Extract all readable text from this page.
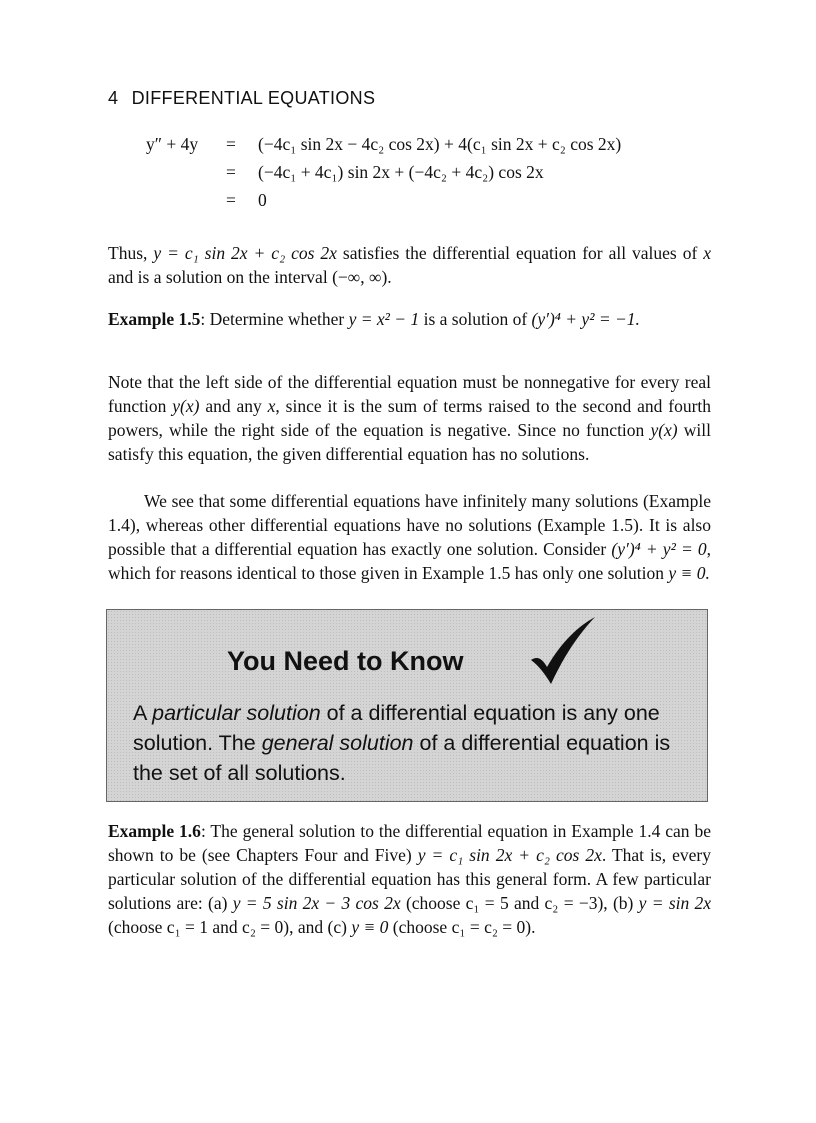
4 DIFFERENTIAL EQUATIONS
y″ + 4y = (−4c₁ sin 2x − 4c₂ cos 2x) + 4(c₁ sin 2x + c₂ cos 2x)
= (−4c₁ + 4c₁) sin 2x + (−4c₂ + 4c₂) cos 2x
= 0

Thus, y = c₁ sin 2x + c₂ cos 2x satisfies the differential equation for all values of x and is a solution on the interval (−∞, ∞).

Example 1.5: Determine whether y = x² − 1 is a solution of (y′)⁴ + y² = −1.

Note that the left side of the differential equation must be nonnegative for every real function y(x) and any x, since it is the sum of terms raised to the second and fourth powers, while the right side of the equation is negative. Since no function y(x) will satisfy this equation, the given differential equation has no solutions.

We see that some differential equations have infinitely many solutions (Example 1.4), whereas other differential equations have no solutions (Example 1.5). It is also possible that a differential equation has exactly one solution. Consider (y′)⁴ + y² = 0, which for reasons identical to those given in Example 1.5 has only one solution y ≡ 0.

You Need to Know
A particular solution of a differential equation is any one solution. The general solution of a differential equation is the set of all solutions.

Example 1.6: The general solution to the differential equation in Example 1.4 can be shown to be (see Chapters Four and Five) y = c₁ sin 2x + c₂ cos 2x. That is, every particular solution of the differential equation has this general form. A few particular solutions are: (a) y = 5 sin 2x − 3 cos 2x (choose c₁ = 5 and c₂ = −3), (b) y = sin 2x (choose c₁ = 1 and c₂ = 0), and (c) y ≡ 0 (choose c₁ = c₂ = 0).
